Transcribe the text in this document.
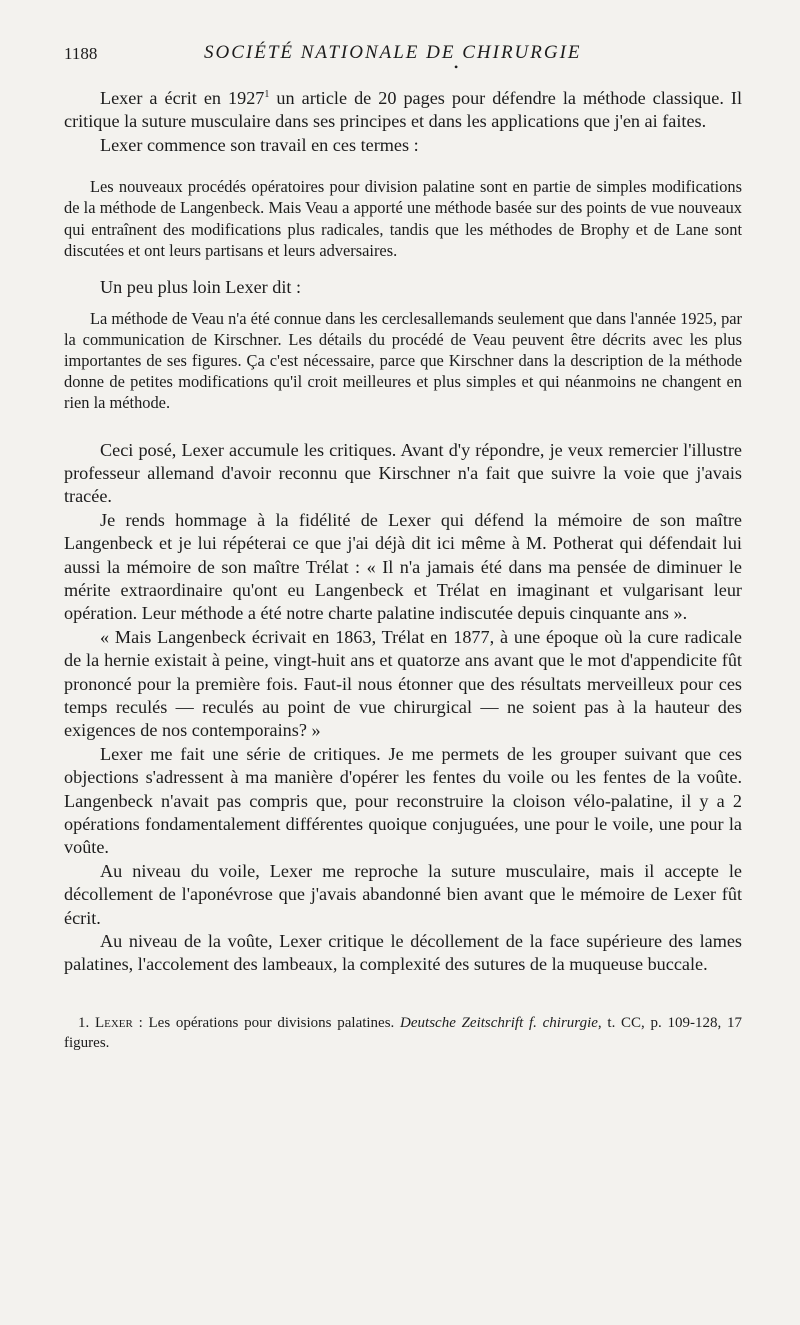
1188	SOCIÉTÉ NATIONALE DE CHIRURGIE
•

Lexer a écrit en 1927$^1$ un article de 20 pages pour défendre la méthode classique. Il critique la suture musculaire dans ses principes et dans les applications que j'en ai faites.

Lexer commence son travail en ces termes :

Les nouveaux procédés opératoires pour division palatine sont en partie de simples modifications de la méthode de Langenbeck. Mais Veau a apporté une méthode basée sur des points de vue nouveaux qui entraînent des modifications plus radicales, tandis que les méthodes de Brophy et de Lane sont discutées et ont leurs partisans et leurs adversaires.

Un peu plus loin Lexer dit :

La méthode de Veau n'a été connue dans les cerclesallemands seulement que dans l'année 1925, par la communication de Kirschner. Les détails du procédé de Veau peuvent être décrits avec les plus importantes de ses figures. Ça c'est nécessaire, parce que Kirschner dans la description de la méthode donne de petites modifications qu'il croit meilleures et plus simples et qui néanmoins ne changent en rien la méthode.

Ceci posé, Lexer accumule les critiques. Avant d'y répondre, je veux remercier l'illustre professeur allemand d'avoir reconnu que Kirschner n'a fait que suivre la voie que j'avais tracée.

Je rends hommage à la fidélité de Lexer qui défend la mémoire de son maître Langenbeck et je lui répéterai ce que j'ai déjà dit ici même à M. Potherat qui défendait lui aussi la mémoire de son maître Trélat : « Il n'a jamais été dans ma pensée de diminuer le mérite extraordinaire qu'ont eu Langenbeck et Trélat en imaginant et vulgarisant leur opération. Leur méthode a été notre charte palatine indiscutée depuis cinquante ans ».

« Mais Langenbeck écrivait en 1863, Trélat en 1877, à une époque où la cure radicale de la hernie existait à peine, vingt-huit ans et quatorze ans avant que le mot d'appendicite fût prononcé pour la première fois. Faut-il nous étonner que des résultats merveilleux pour ces temps reculés — reculés au point de vue chirurgical — ne soient pas à la hauteur des exigences de nos contemporains? »

Lexer me fait une série de critiques. Je me permets de les grouper suivant que ces objections s'adressent à ma manière d'opérer les fentes du voile ou les fentes de la voûte. Langenbeck n'avait pas compris que, pour reconstruire la cloison vélo-palatine, il y a 2 opérations fondamentalement différentes quoique conjuguées, une pour le voile, une pour la voûte.

Au niveau du voile, Lexer me reproche la suture musculaire, mais il accepte le décollement de l'aponévrose que j'avais abandonné bien avant que le mémoire de Lexer fût écrit.

Au niveau de la voûte, Lexer critique le décollement de la face supérieure des lames palatines, l'accolement des lambeaux, la complexité des sutures de la muqueuse buccale.

1. Lexer : Les opérations pour divisions palatines. Deutsche Zeitschrift f. chirurgie, t. CC, p. 109-128, 17 figures.
